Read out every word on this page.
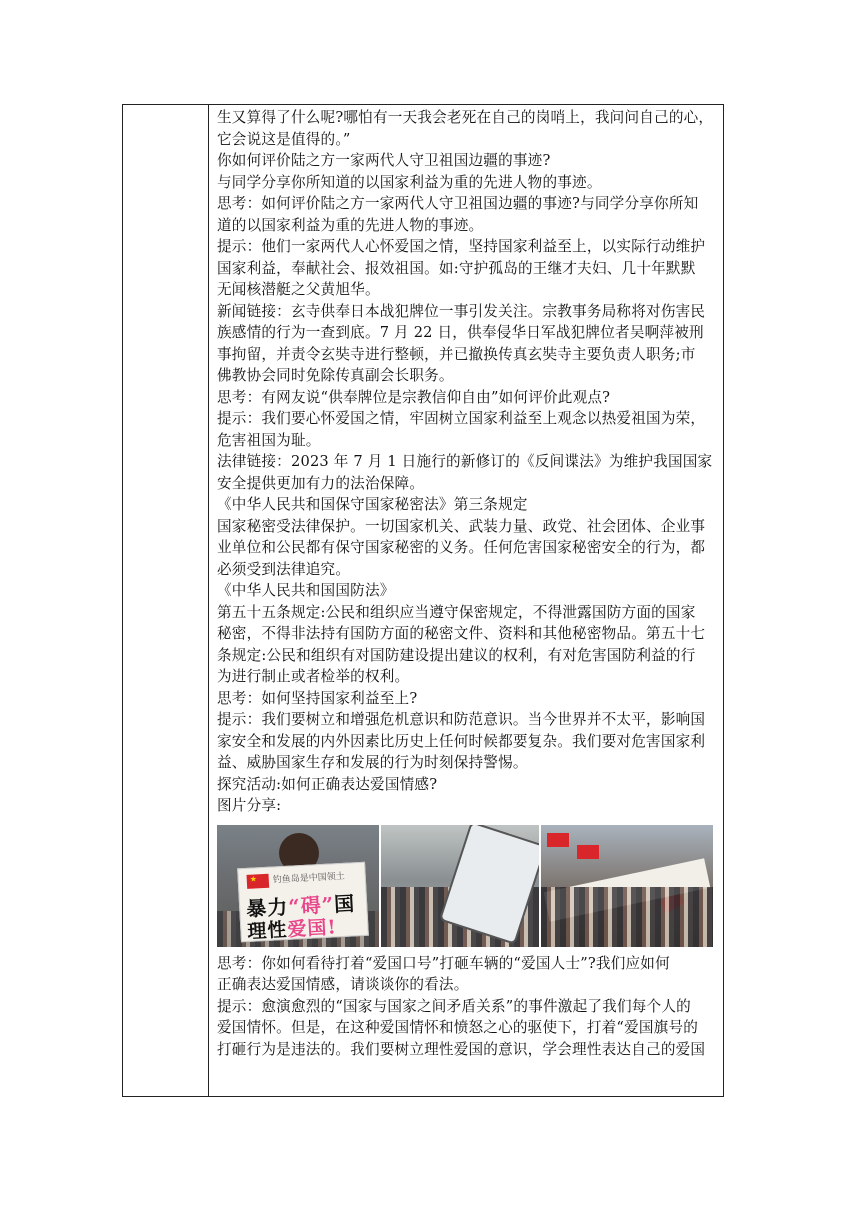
生又算得了什么呢?哪怕有一天我会老死在自己的岗哨上，我问问自己的心，
它会说这是值得的。”
你如何评价陆之方一家两代人守卫祖国边疆的事迹?
与同学分享你所知道的以国家利益为重的先进人物的事迹。
思考：如何评价陆之方一家两代人守卫祖国边疆的事迹?与同学分享你所知
道的以国家利益为重的先进人物的事迹。
提示：他们一家两代人心怀爱国之情，坚持国家利益至上，以实际行动维护
国家利益，奉献社会、报效祖国。如:守护孤岛的王继才夫妇、几十年默默
无闻核潜艇之父黄旭华。
新闻链接：玄寺供奉日本战犯牌位一事引发关注。宗教事务局称将对伤害民
族感情的行为一查到底。7 月 22 日，供奉侵华日军战犯牌位者吴啊萍被刑
事拘留，并责令玄奘寺进行整顿，并已撤换传真玄奘寺主要负责人职务;市
佛教协会同时免除传真副会长职务。
思考：有网友说“供奉牌位是宗教信仰自由”如何评价此观点?
提示：我们要心怀爱国之情，牢固树立国家利益至上观念以热爱祖国为荣，
危害祖国为耻。
法律链接：2023 年 7 月 1 日施行的新修订的《反间谍法》为维护我国国家
安全提供更加有力的法治保障。
《中华人民共和国保守国家秘密法》第三条规定
国家秘密受法律保护。一切国家机关、武装力量、政党、社会团体、企业事
业单位和公民都有保守国家秘密的义务。任何危害国家秘密安全的行为，都
必须受到法律追究。
《中华人民共和国国防法》
第五十五条规定:公民和组织应当遵守保密规定，不得泄露国防方面的国家
秘密，不得非法持有国防方面的秘密文件、资料和其他秘密物品。第五十七
条规定:公民和组织有对国防建设提出建议的权利，有对危害国防利益的行
为进行制止或者检举的权利。
思考：如何坚持国家利益至上?
提示：我们要树立和增强危机意识和防范意识。当今世界并不太平，影响国
家安全和发展的内外因素比历史上任何时候都要复杂。我们要对危害国家利
益、威胁国家生存和发展的行为时刻保持警惕。
探究活动:如何正确表达爱国情感?
图片分享:
★ 钓鱼岛是中国领土
暴力“碍”国
理性爱国!
思考：你如何看待打着“爱国口号”打砸车辆的“爱国人士”?我们应如何
正确表达爱国情感，请谈谈你的看法。
提示：愈演愈烈的“国家与国家之间矛盾关系”的事件激起了我们每个人的
爱国情怀。但是，在这种爱国情怀和愤怒之心的驱使下，打着“爱国旗号的
打砸行为是违法的。我们要树立理性爱国的意识，学会理性表达自己的爱国
